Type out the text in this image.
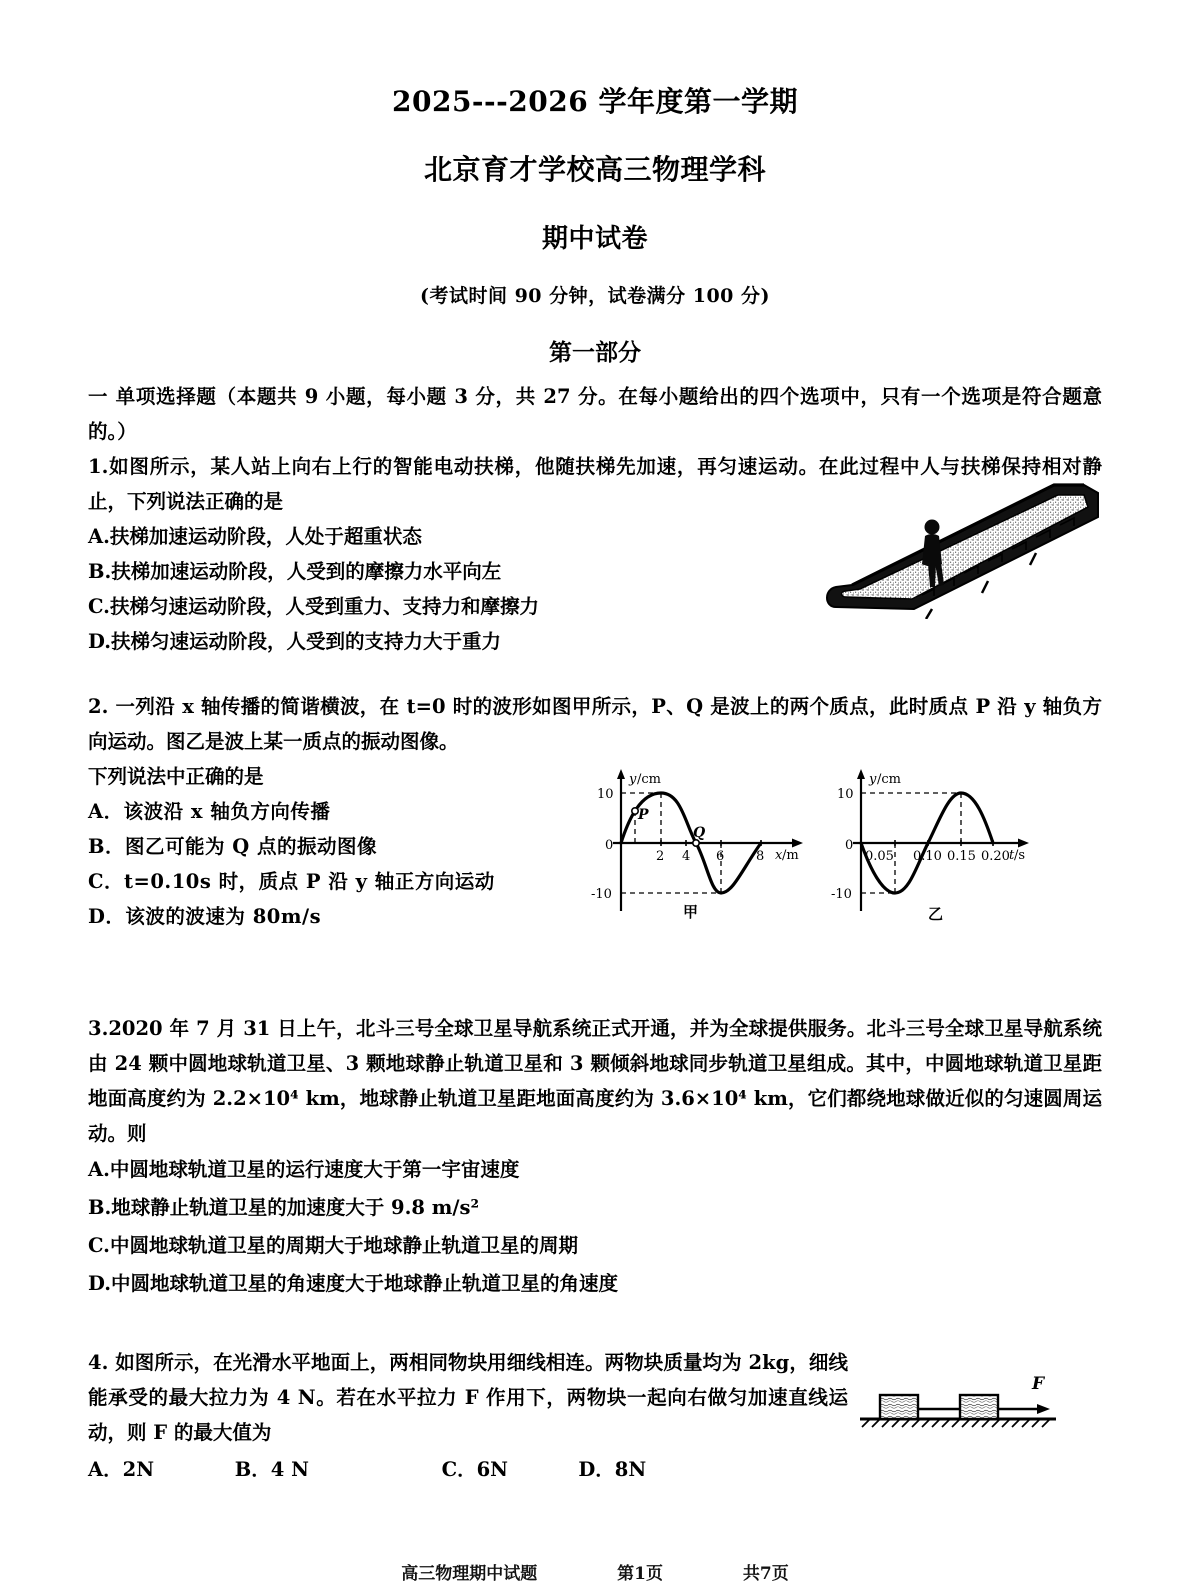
2025---2026 学年度第一学期
北京育才学校高三物理学科
期中试卷
(考试时间 90 分钟，试卷满分 100 分)
第一部分
一 单项选择题（本题共 9 小题，每小题 3 分，共 27 分。在每小题给出的四个选项中，只有一个选项是符合题意的。）
1.如图所示，某人站上向右上行的智能电动扶梯，他随扶梯先加速，再匀速运动。在此过程中人与扶梯保持相对静止，下列说法正确的是
A.扶梯加速运动阶段，人处于超重状态
B.扶梯加速运动阶段，人受到的摩擦力水平向左
C.扶梯匀速运动阶段，人受到重力、支持力和摩擦力
D.扶梯匀速运动阶段，人受到的支持力大于重力
2. 一列沿 x 轴传播的简谐横波，在 t=0 时的波形如图甲所示，P、Q 是波上的两个质点，此时质点 P 沿 y 轴负方向运动。图乙是波上某一质点的振动图像。
下列说法中正确的是
A．该波沿 x 轴负方向传播
B．图乙可能为 Q 点的振动图像
C．t=0.10s 时，质点 P 沿 y 轴正方向运动
D．该波的波速为 80m/s
y /cm
10
0
-10
2 4 6 8 x /m
P
Q
甲
y /cm
10
0
-10
0.05 0.10 0.15 0.20 t /s
乙
3.2020 年 7 月 31 日上午，北斗三号全球卫星导航系统正式开通，并为全球提供服务。北斗三号全球卫星导航系统由 24 颗中圆地球轨道卫星、3 颗地球静止轨道卫星和 3 颗倾斜地球同步轨道卫星组成。其中，中圆地球轨道卫星距地面高度约为 2.2×10⁴ km，地球静止轨道卫星距地面高度约为 3.6×10⁴ km，它们都绕地球做近似的匀速圆周运动。则
A.中圆地球轨道卫星的运行速度大于第一宇宙速度
B.地球静止轨道卫星的加速度大于 9.8 m/s²
C.中圆地球轨道卫星的周期大于地球静止轨道卫星的周期
D.中圆地球轨道卫星的角速度大于地球静止轨道卫星的角速度
4. 如图所示，在光滑水平地面上，两相同物块用细线相连。两物块质量均为 2kg，细线能承受的最大拉力为 4 N。若在水平拉力 F 作用下，两物块一起向右做匀加速直线运动，则 F 的最大值为
F
A．2N	B．4 N	C．6N	D．8N
高三物理期中试题	第1页	共7页
